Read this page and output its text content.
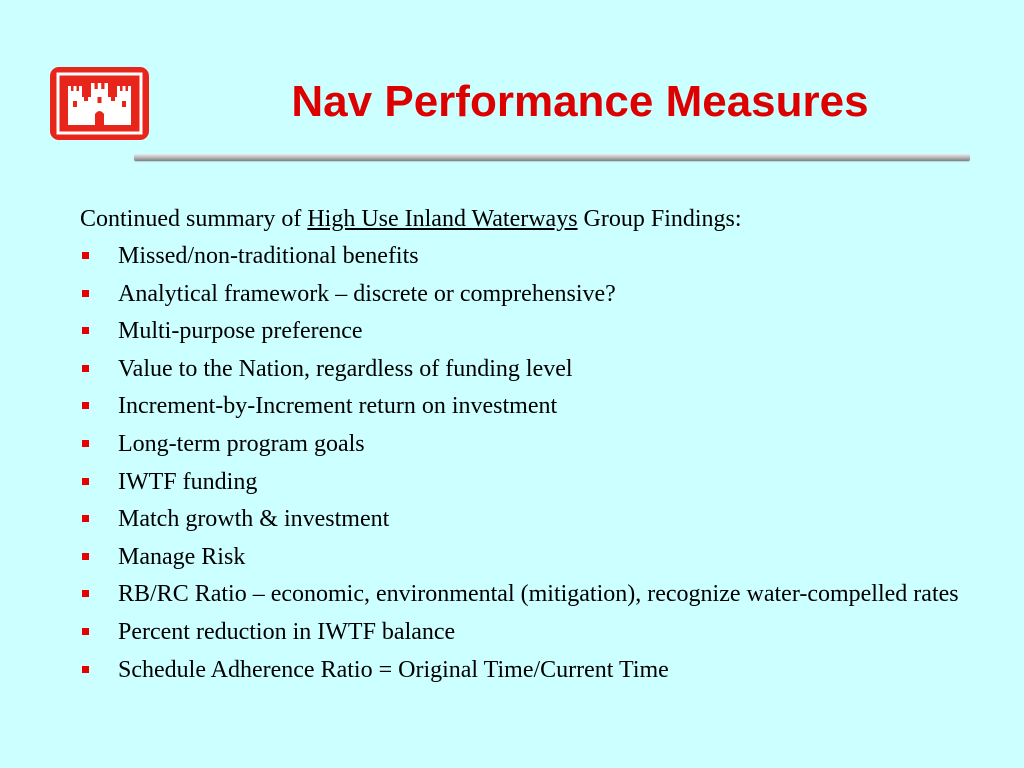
Nav Performance Measures

Continued summary of High Use Inland Waterways Group Findings:

Missed/non-traditional benefits
Analytical framework – discrete or comprehensive?
Multi-purpose preference
Value to the Nation, regardless of funding level
Increment-by-Increment return on investment
Long-term program goals
IWTF funding
Match growth & investment
Manage Risk
RB/RC Ratio – economic, environmental (mitigation), recognize water-compelled rates
Percent reduction in IWTF balance
Schedule Adherence Ratio = Original Time/Current Time
